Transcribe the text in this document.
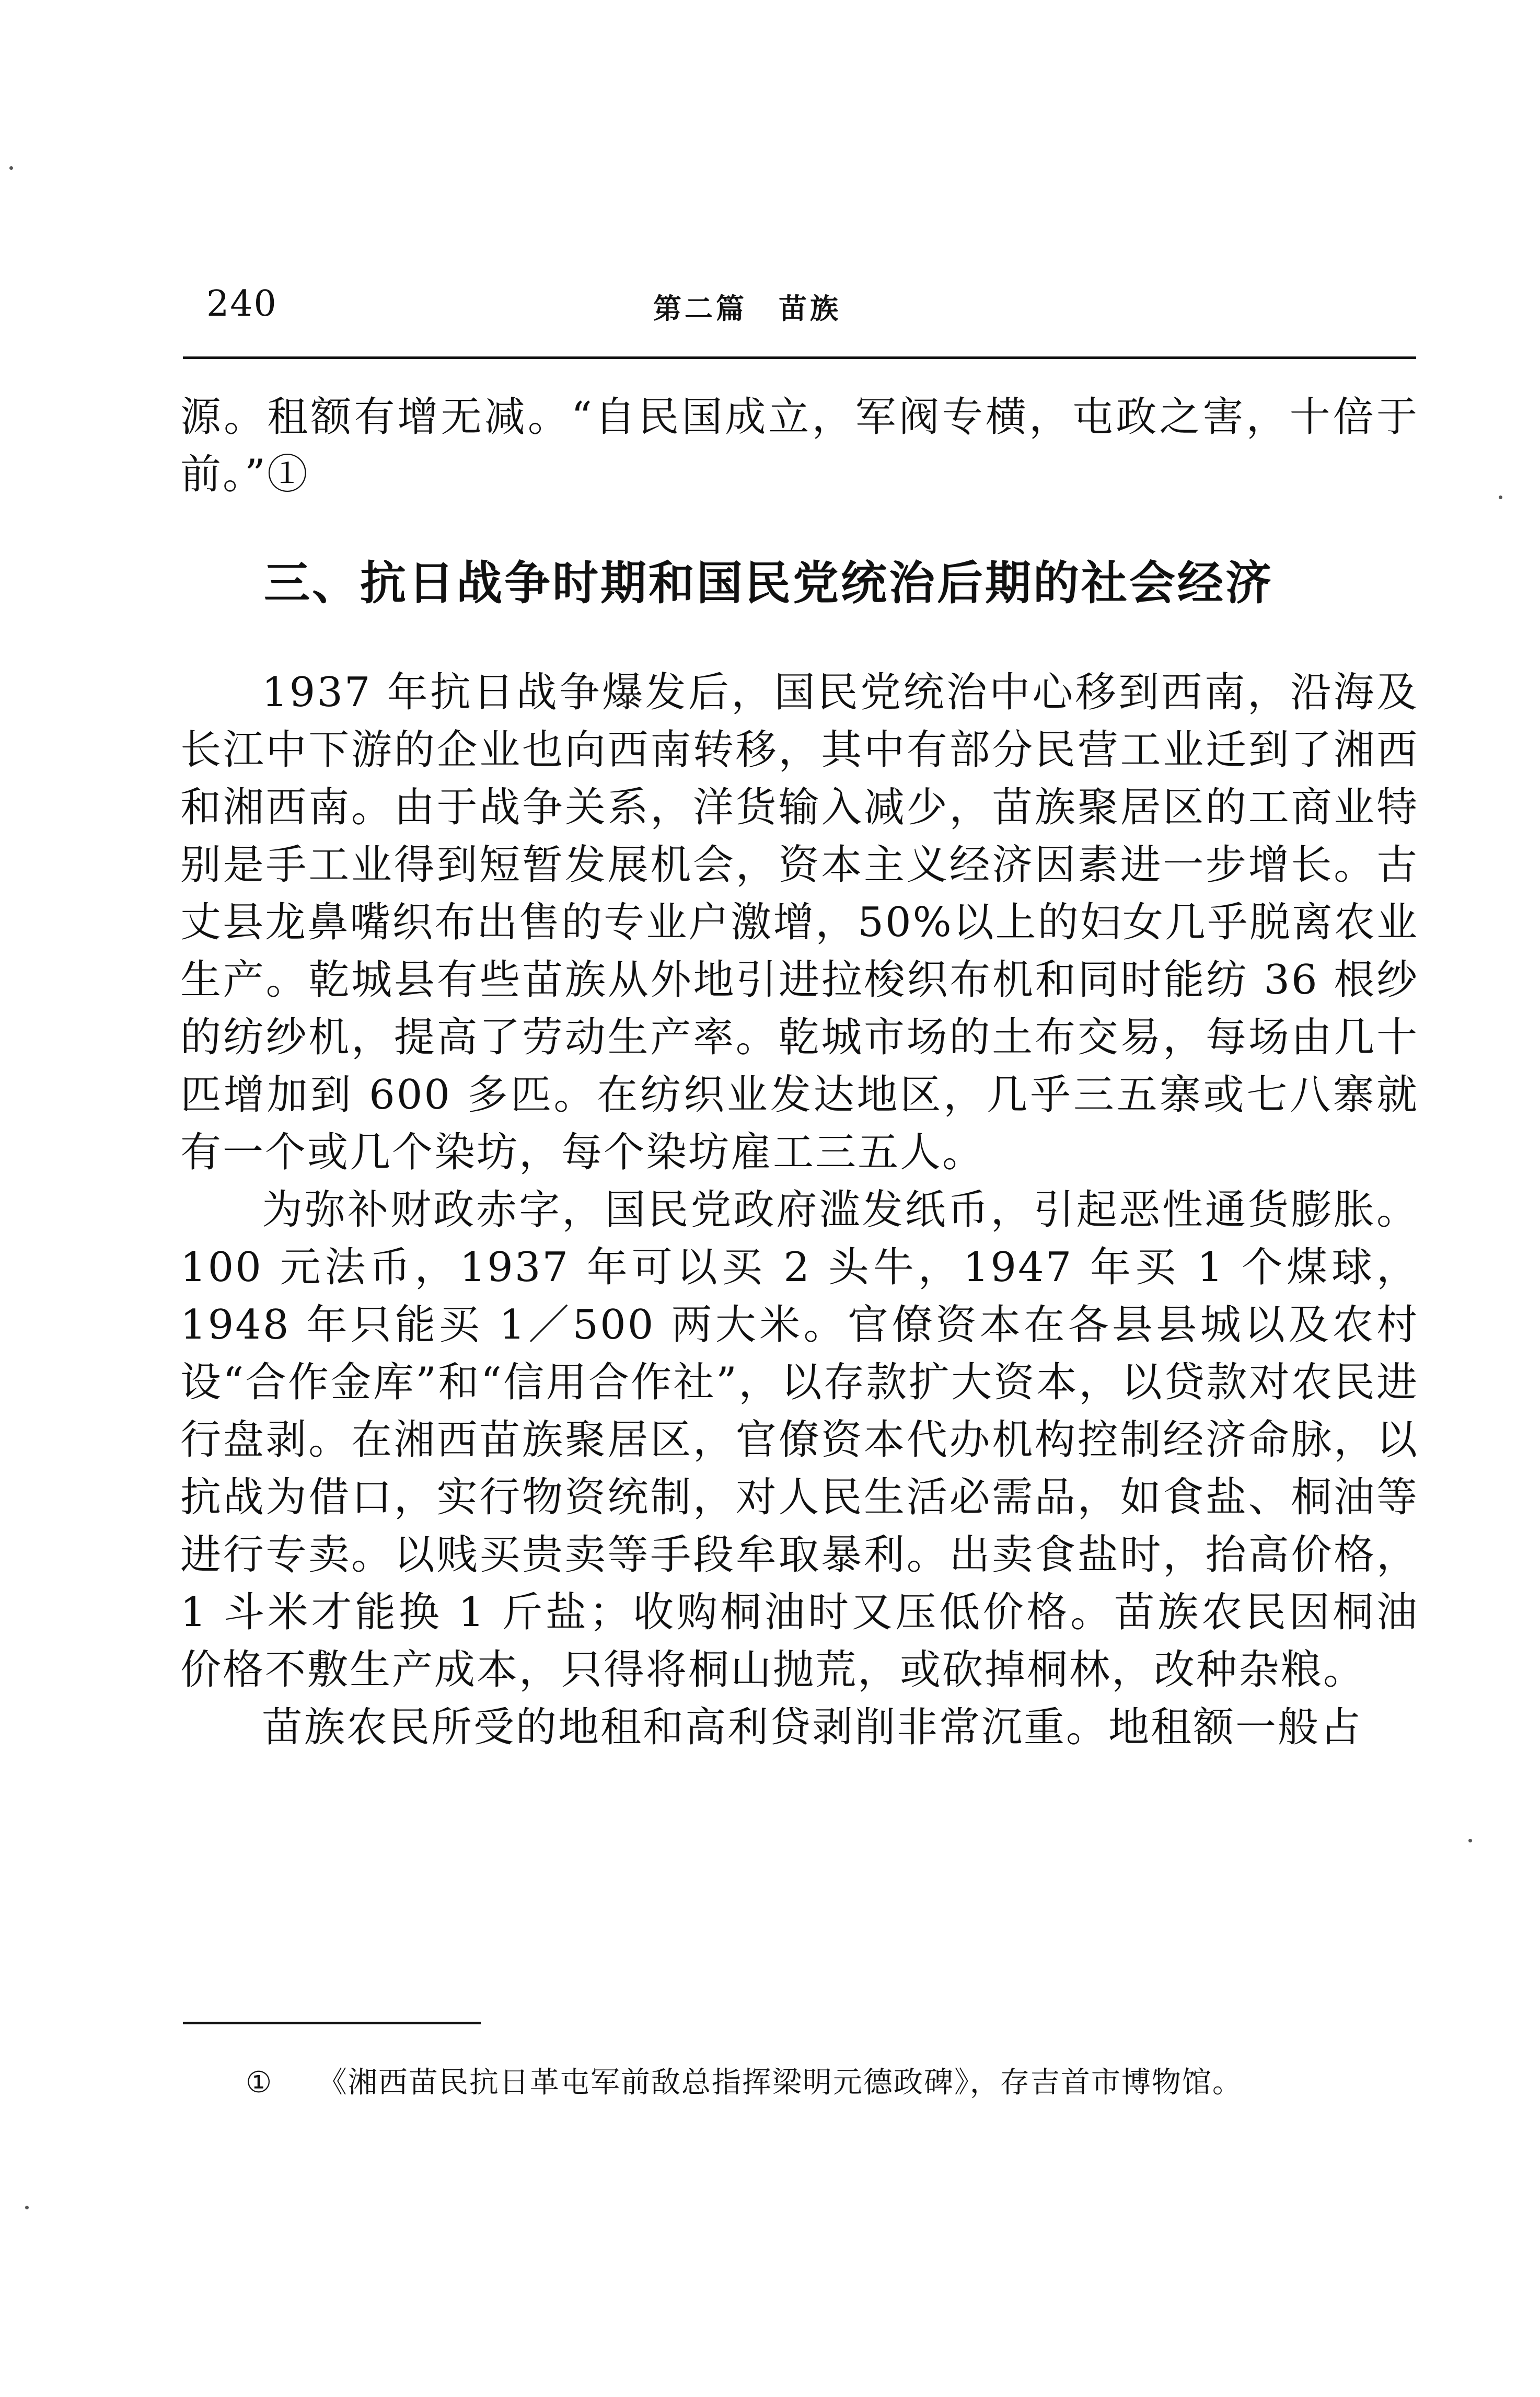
240	第二篇　苗族
源。租额有增无减。“自民国成立，军阀专横，屯政之害，十倍于前。”①
三、抗日战争时期和国民党统治后期的社会经济

1937 年抗日战争爆发后，国民党统治中心移到西南，沿海及长江中下游的企业也向西南转移，其中有部分民营工业迁到了湘西和湘西南。由于战争关系，洋货输入减少，苗族聚居区的工商业特别是手工业得到短暂发展机会，资本主义经济因素进一步增长。古丈县龙鼻嘴织布出售的专业户激增，50%以上的妇女几乎脱离农业生产。乾城县有些苗族从外地引进拉梭织布机和同时能纺 36 根纱的纺纱机，提高了劳动生产率。乾城市场的土布交易，每场由几十匹增加到 600 多匹。在纺织业发达地区，几乎三五寨或七八寨就有一个或几个染坊，每个染坊雇工三五人。

为弥补财政赤字，国民党政府滥发纸币，引起恶性通货膨胀。100 元法币，1937 年可以买 2 头牛，1947 年买 1 个煤球，1948 年只能买 1／500 两大米。官僚资本在各县县城以及农村设“合作金库”和“信用合作社”，以存款扩大资本，以贷款对农民进行盘剥。在湘西苗族聚居区，官僚资本代办机构控制经济命脉，以抗战为借口，实行物资统制，对人民生活必需品，如食盐、桐油等进行专卖。以贱买贵卖等手段牟取暴利。出卖食盐时，抬高价格，1 斗米才能换 1 斤盐；收购桐油时又压低价格。苗族农民因桐油价格不敷生产成本，只得将桐山抛荒，或砍掉桐林，改种杂粮。

苗族农民所受的地租和高利贷剥削非常沉重。地租额一般占

① 《湘西苗民抗日革屯军前敌总指挥梁明元德政碑》，存吉首市博物馆。
